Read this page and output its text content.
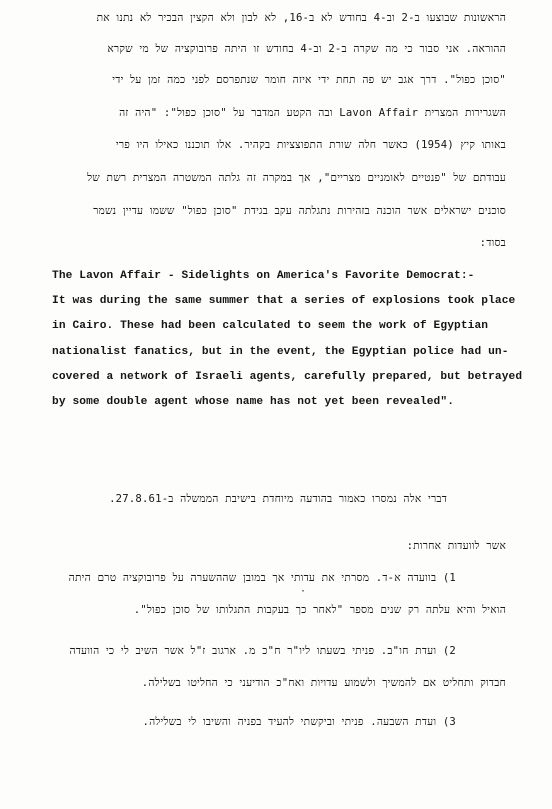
הראשונות שבוצעו ב-2 וב-4 בחודש לא ב-16, לא לבון ולא הקצין הבכיר לא נתנו את
ההוראה. אני סבור כי מה שקרה ב-2 וב-4 בחודש זו היתה פרובוקציה של מי שקרא
"סוכן כפול". דרך אגב יש פה תחת ידי איזה חומר שנתפרסם לפני כמה זמן על ידי
השגרירות המצרית Lavon Affair ובה הקטע המדבר על "סוכן כפול": "היה זה
באותו קיץ (1954) כאשר חלה שורת התפוצציות בקהיר. אלו תוכננו כאילו היו פרי
עבודתם של "פנטיים לאומניים מצריים", אך במקרה זה גלתה המשטרה המצרית רשת של
סוכנים ישראלים אשר הוכנה בזהירות נתגלתה עקב בגידת "סוכן כפול" ששמו עדיין נשמר
בסוד:
The Lavon Affair - Sidelights on America's Favorite Democrat:-
It was during the same summer that a series of explosions took place
in Cairo. These had been calculated to seem the work of Egyptian
nationalist fanatics, but in the event, the Egyptian police had un-
covered a network of Israeli agents, carefully prepared, but betrayed
by some double agent whose name has not yet been revealed".
דברי אלה נמסרו כאמור בהודעה מיוחדת בישיבת הממשלה ב-27.8.61.
אשר לוועדות אחרות:
1) בוועדה א-ד. מסרתי את עדותי אך במובן שההשערה על פרובוקציה טרם היתה
·
הואיל והיא עלתה רק שנים מספר "לאחר כך בעקבות התגלותו של סוכן כפול".
2) ועדת חו"ב. פניתי בשעתו ליו"ר ח"כ מ. ארגוב ז"ל אשר השיב לי כי הוועדה
חבדוק ותחליט אם להמשיך ולשמוע עדויות ואח"כ הודיעני כי החליטו בשלילה.
3) ועדת השבעה. פניתי וביקשתי להעיד בפניה והשיבו לי בשלילה.
